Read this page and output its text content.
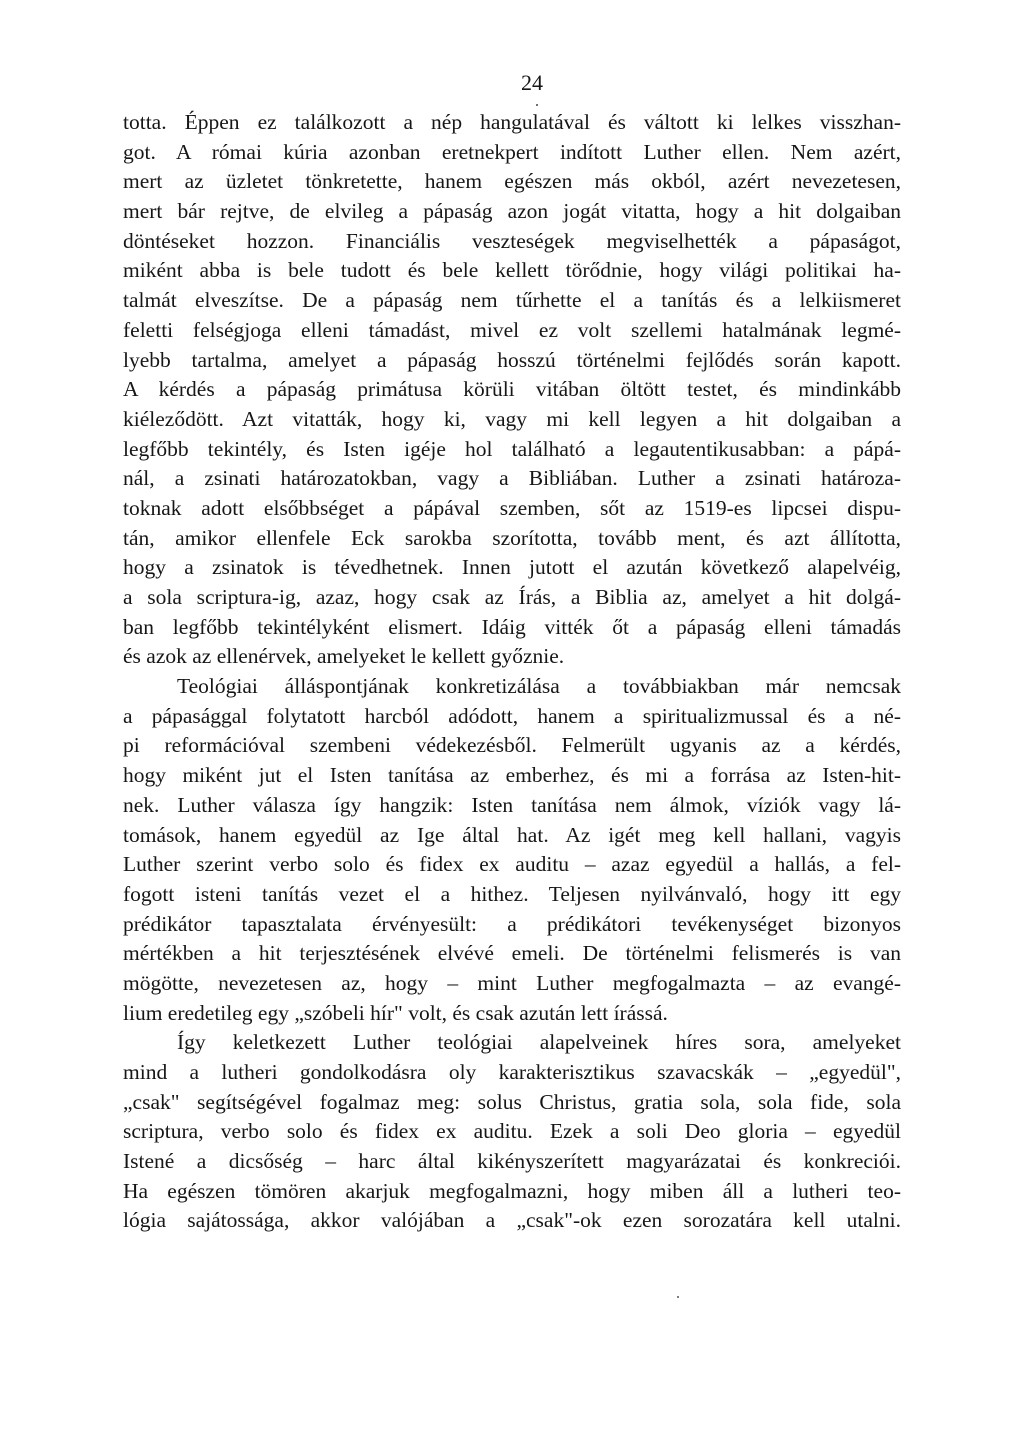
24
totta. Éppen ez találkozott a nép hangulatával és váltott ki lelkes visszhan-
got. A római kúria azonban eretnekpert indított Luther ellen. Nem azért,
mert az üzletet tönkretette, hanem egészen más okból, azért nevezetesen,
mert bár rejtve, de elvileg a pápaság azon jogát vitatta, hogy a hit dolgaiban
döntéseket hozzon. Financiális veszteségek megviselhették a pápaságot,
miként abba is bele tudott és bele kellett törődnie, hogy világi politikai ha-
talmát elveszítse. De a pápaság nem tűrhette el a tanítás és a lelkiismeret
feletti felségjoga elleni támadást, mivel ez volt szellemi hatalmának legmé-
lyebb tartalma, amelyet a pápaság hosszú történelmi fejlődés során kapott.
A kérdés a pápaság primátusa körüli vitában öltött testet, és mindinkább
kiéleződött. Azt vitatták, hogy ki, vagy mi kell legyen a hit dolgaiban a
legfőbb tekintély, és Isten igéje hol található a legautentikusabban: a pápá-
nál, a zsinati határozatokban, vagy a Bibliában. Luther a zsinati határoza-
toknak adott elsőbbséget a pápával szemben, sőt az 1519-es lipcsei dispu-
tán, amikor ellenfele Eck sarokba szorította, tovább ment, és azt állította,
hogy a zsinatok is tévedhetnek. Innen jutott el azután következő alapelvéig,
a sola scriptura-ig, azaz, hogy csak az Írás, a Biblia az, amelyet a hit dolgá-
ban legfőbb tekintélyként elismert. Idáig vitték őt a pápaság elleni támadás
és azok az ellenérvek, amelyeket le kellett győznie.
Teológiai álláspontjának konkretizálása a továbbiakban már nemcsak
a pápasággal folytatott harcból adódott, hanem a spiritualizmussal és a né-
pi reformációval szembeni védekezésből. Felmerült ugyanis az a kérdés,
hogy miként jut el Isten tanítása az emberhez, és mi a forrása az Isten-hit-
nek. Luther válasza így hangzik: Isten tanítása nem álmok, víziók vagy lá-
tomások, hanem egyedül az Ige által hat. Az igét meg kell hallani, vagyis
Luther szerint verbo solo és fidex ex auditu – azaz egyedül a hallás, a fel-
fogott isteni tanítás vezet el a hithez. Teljesen nyilvánvaló, hogy itt egy
prédikátor tapasztalata érvényesült: a prédikátori tevékenységet bizonyos
mértékben a hit terjesztésének elvévé emeli. De történelmi felismerés is van
mögötte, nevezetesen az, hogy – mint Luther megfogalmazta – az evangé-
lium eredetileg egy „szóbeli hír" volt, és csak azután lett írássá.
Így keletkezett Luther teológiai alapelveinek híres sora, amelyeket
mind a lutheri gondolkodásra oly karakterisztikus szavacskák – „egyedül",
„csak" segítségével fogalmaz meg: solus Christus, gratia sola, sola fide, sola
scriptura, verbo solo és fidex ex auditu. Ezek a soli Deo gloria – egyedül
Istené a dicsőség – harc által kikényszerített magyarázatai és konkreciói.
Ha egészen tömören akarjuk megfogalmazni, hogy miben áll a lutheri teo-
lógia sajátossága, akkor valójában a „csak"-ok ezen sorozatára kell utalni.
